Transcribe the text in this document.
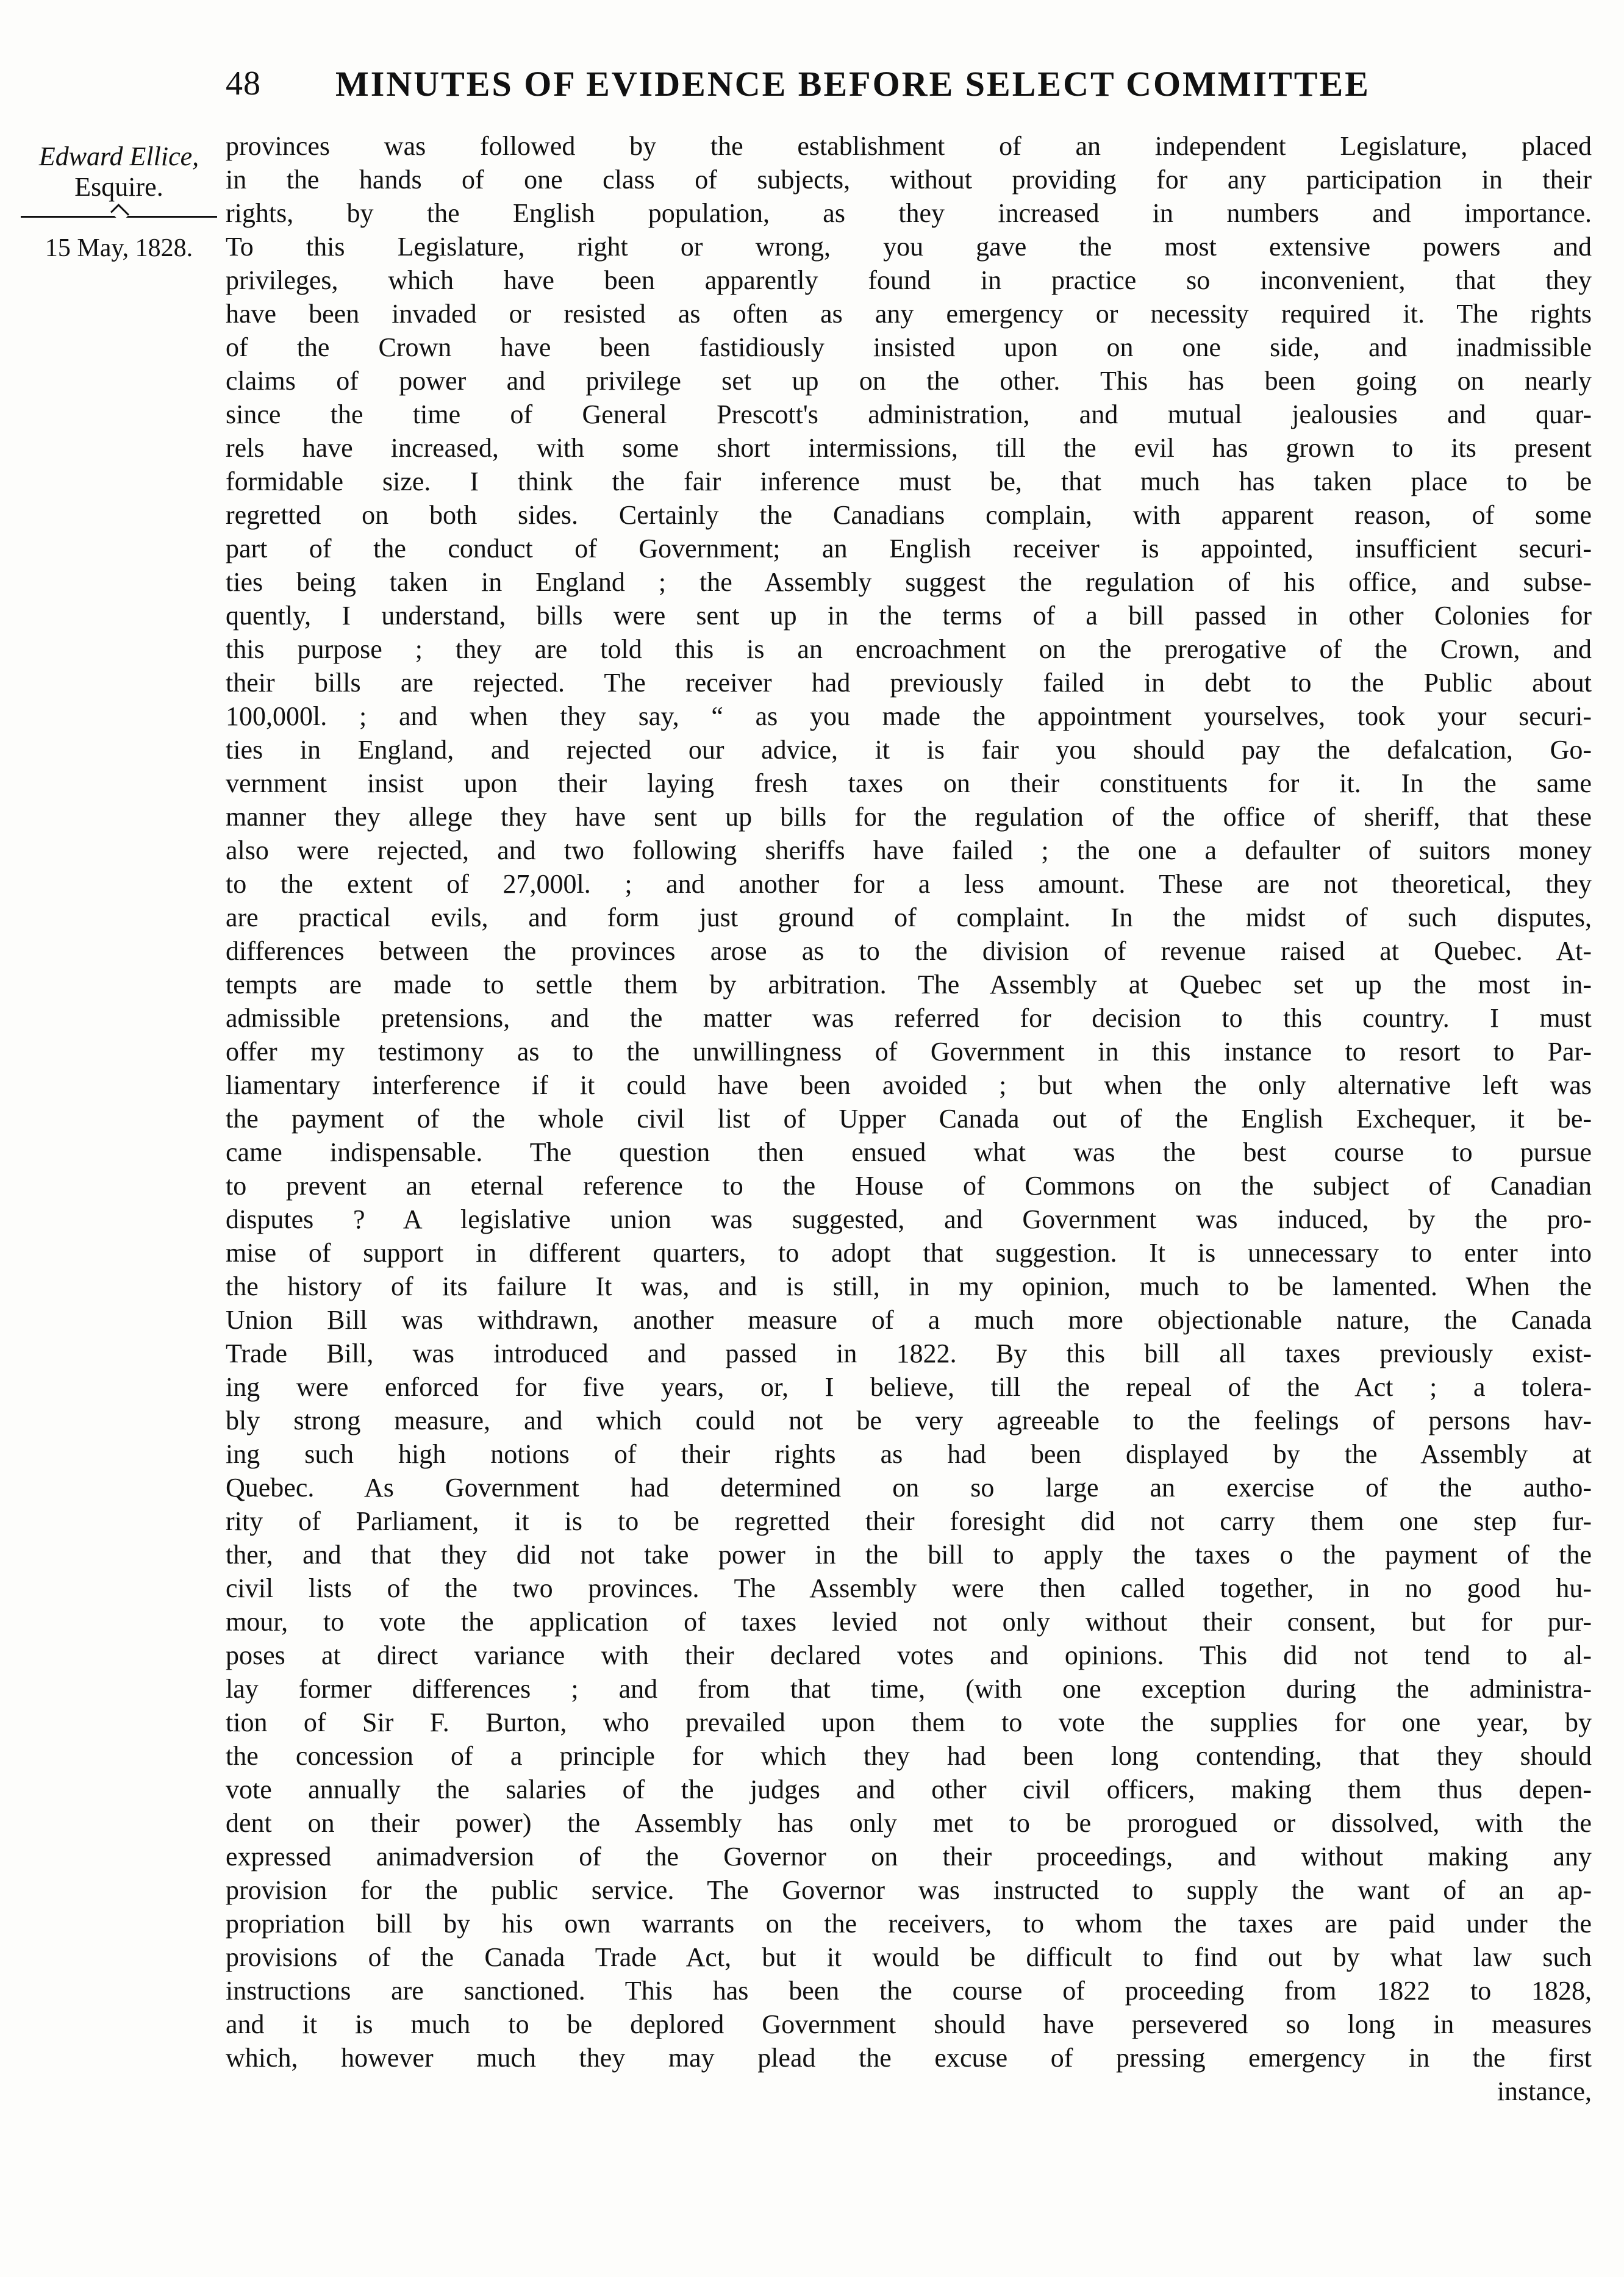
48	MINUTES OF EVIDENCE BEFORE SELECT COMMITTEE
Edward Ellice,
Esquire.
15 May, 1828.
provinces was followed by the establishment of an independent Legislature, placed
in the hands of one class of subjects, without providing for any participation in their
rights, by the English population, as they increased in numbers and importance.
To this Legislature, right or wrong, you gave the most extensive powers and
privileges, which have been apparently found in practice so inconvenient, that they
have been invaded or resisted as often as any emergency or necessity required it. The rights
of the Crown have been fastidiously insisted upon on one side, and inadmissible
claims of power and privilege set up on the other. This has been going on nearly
since the time of General Prescott's administration, and mutual jealousies and quar-
rels have increased, with some short intermissions, till the evil has grown to its present
formidable size. I think the fair inference must be, that much has taken place to be
regretted on both sides. Certainly the Canadians complain, with apparent reason, of some
part of the conduct of Government; an English receiver is appointed, insufficient securi-
ties being taken in England ; the Assembly suggest the regulation of his office, and subse-
quently, I understand, bills were sent up in the terms of a bill passed in other Colonies for
this purpose ; they are told this is an encroachment on the prerogative of the Crown, and
their bills are rejected. The receiver had previously failed in debt to the Public about
100,000l. ; and when they say, “ as you made the appointment yourselves, took your securi-
ties in England, and rejected our advice, it is fair you should pay the defalcation, Go-
vernment insist upon their laying fresh taxes on their constituents for it. In the same
manner they allege they have sent up bills for the regulation of the office of sheriff, that these
also were rejected, and two following sheriffs have failed ; the one a defaulter of suitors money
to the extent of 27,000l. ; and another for a less amount. These are not theoretical, they
are practical evils, and form just ground of complaint. In the midst of such disputes,
differences between the provinces arose as to the division of revenue raised at Quebec. At-
tempts are made to settle them by arbitration. The Assembly at Quebec set up the most in-
admissible pretensions, and the matter was referred for decision to this country. I must
offer my testimony as to the unwillingness of Government in this instance to resort to Par-
liamentary interference if it could have been avoided ; but when the only alternative left was
the payment of the whole civil list of Upper Canada out of the English Exchequer, it be-
came indispensable. The question then ensued what was the best course to pursue
to prevent an eternal reference to the House of Commons on the subject of Canadian
disputes ? A legislative union was suggested, and Government was induced, by the pro-
mise of support in different quarters, to adopt that suggestion. It is unnecessary to enter into
the history of its failure It was, and is still, in my opinion, much to be lamented. When the
Union Bill was withdrawn, another measure of a much more objectionable nature, the Canada
Trade Bill, was introduced and passed in 1822. By this bill all taxes previously exist-
ing were enforced for five years, or, I believe, till the repeal of the Act ; a tolera-
bly strong measure, and which could not be very agreeable to the feelings of persons hav-
ing such high notions of their rights as had been displayed by the Assembly at
Quebec. As Government had determined on so large an exercise of the autho-
rity of Parliament, it is to be regretted their foresight did not carry them one step fur-
ther, and that they did not take power in the bill to apply the taxes o the payment of the
civil lists of the two provinces. The Assembly were then called together, in no good hu-
mour, to vote the application of taxes levied not only without their consent, but for pur-
poses at direct variance with their declared votes and opinions. This did not tend to al-
lay former differences ; and from that time, (with one exception during the administra-
tion of Sir F. Burton, who prevailed upon them to vote the supplies for one year, by
the concession of a principle for which they had been long contending, that they should
vote annually the salaries of the judges and other civil officers, making them thus depen-
dent on their power) the Assembly has only met to be prorogued or dissolved, with the
expressed animadversion of the Governor on their proceedings, and without making any
provision for the public service. The Governor was instructed to supply the want of an ap-
propriation bill by his own warrants on the receivers, to whom the taxes are paid under the
provisions of the Canada Trade Act, but it would be difficult to find out by what law such
instructions are sanctioned. This has been the course of proceeding from 1822 to 1828,
and it is much to be deplored Government should have persevered so long in measures
which, however much they may plead the excuse of pressing emergency in the first
instance,
